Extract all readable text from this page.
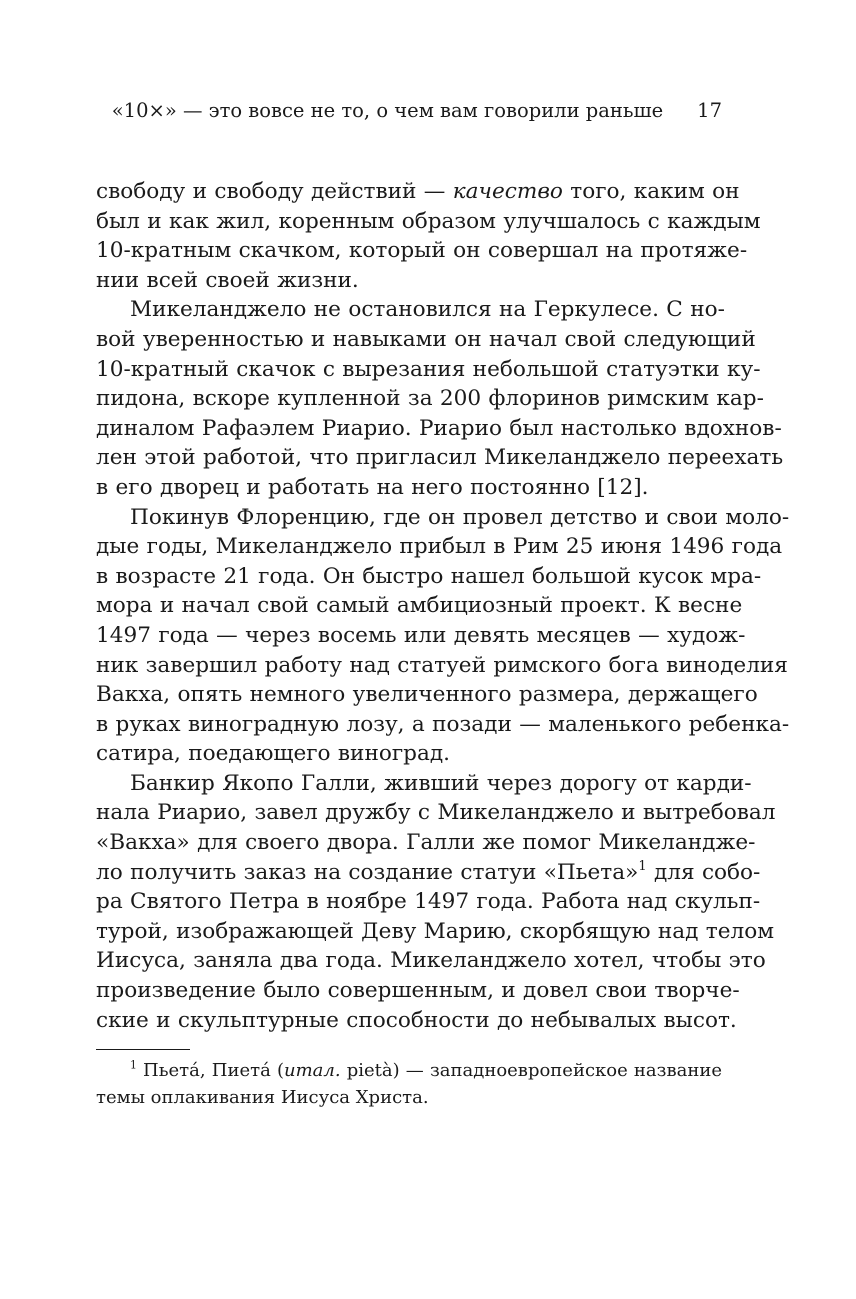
«10×» — это вовсе не то, о чем вам говорили раньше 17
свободу и свободу действий — качество того, каким он
был и как жил, коренным образом улучшалось с каждым
10-кратным скачком, который он совершал на протяже-
нии всей своей жизни.
Микеланджело не остановился на Геркулесе. С но-
вой уверенностью и навыками он начал свой следующий
10-кратный скачок с вырезания небольшой статуэтки ку-
пидона, вскоре купленной за 200 флоринов римским кар-
диналом Рафаэлем Риарио. Риарио был настолько вдохнов-
лен этой работой, что пригласил Микеланджело переехать
в его дворец и работать на него постоянно [12].
Покинув Флоренцию, где он провел детство и свои моло-
дые годы, Микеланджело прибыл в Рим 25 июня 1496 года
в возрасте 21 года. Он быстро нашел большой кусок мра-
мора и начал свой самый амбициозный проект. К весне
1497 года — через восемь или девять месяцев — худож-
ник завершил работу над статуей римского бога виноделия
Вакха, опять немного увеличенного размера, держащего
в руках виноградную лозу, а позади — маленького ребенка-
сатира, поедающего виноград.
Банкир Якопо Галли, живший через дорогу от карди-
нала Риарио, завел дружбу с Микеланджело и вытребовал
«Вакха» для своего двора. Галли же помог Микеландже-
ло получить заказ на создание статуи «Пьета»$^1$ для собо-
ра Святого Петра в ноябре 1497 года. Работа над скульп-
турой, изображающей Деву Марию, скорбящую над телом
Иисуса, заняла два года. Микеланджело хотел, чтобы это
произведение было совершенным, и довел свои творче-
ские и скульптурные способности до небывалых высот.
$^1$ Пьета́, Пиета́ (итал. pietà) — западноевропейское название
темы оплакивания Иисуса Христа.
